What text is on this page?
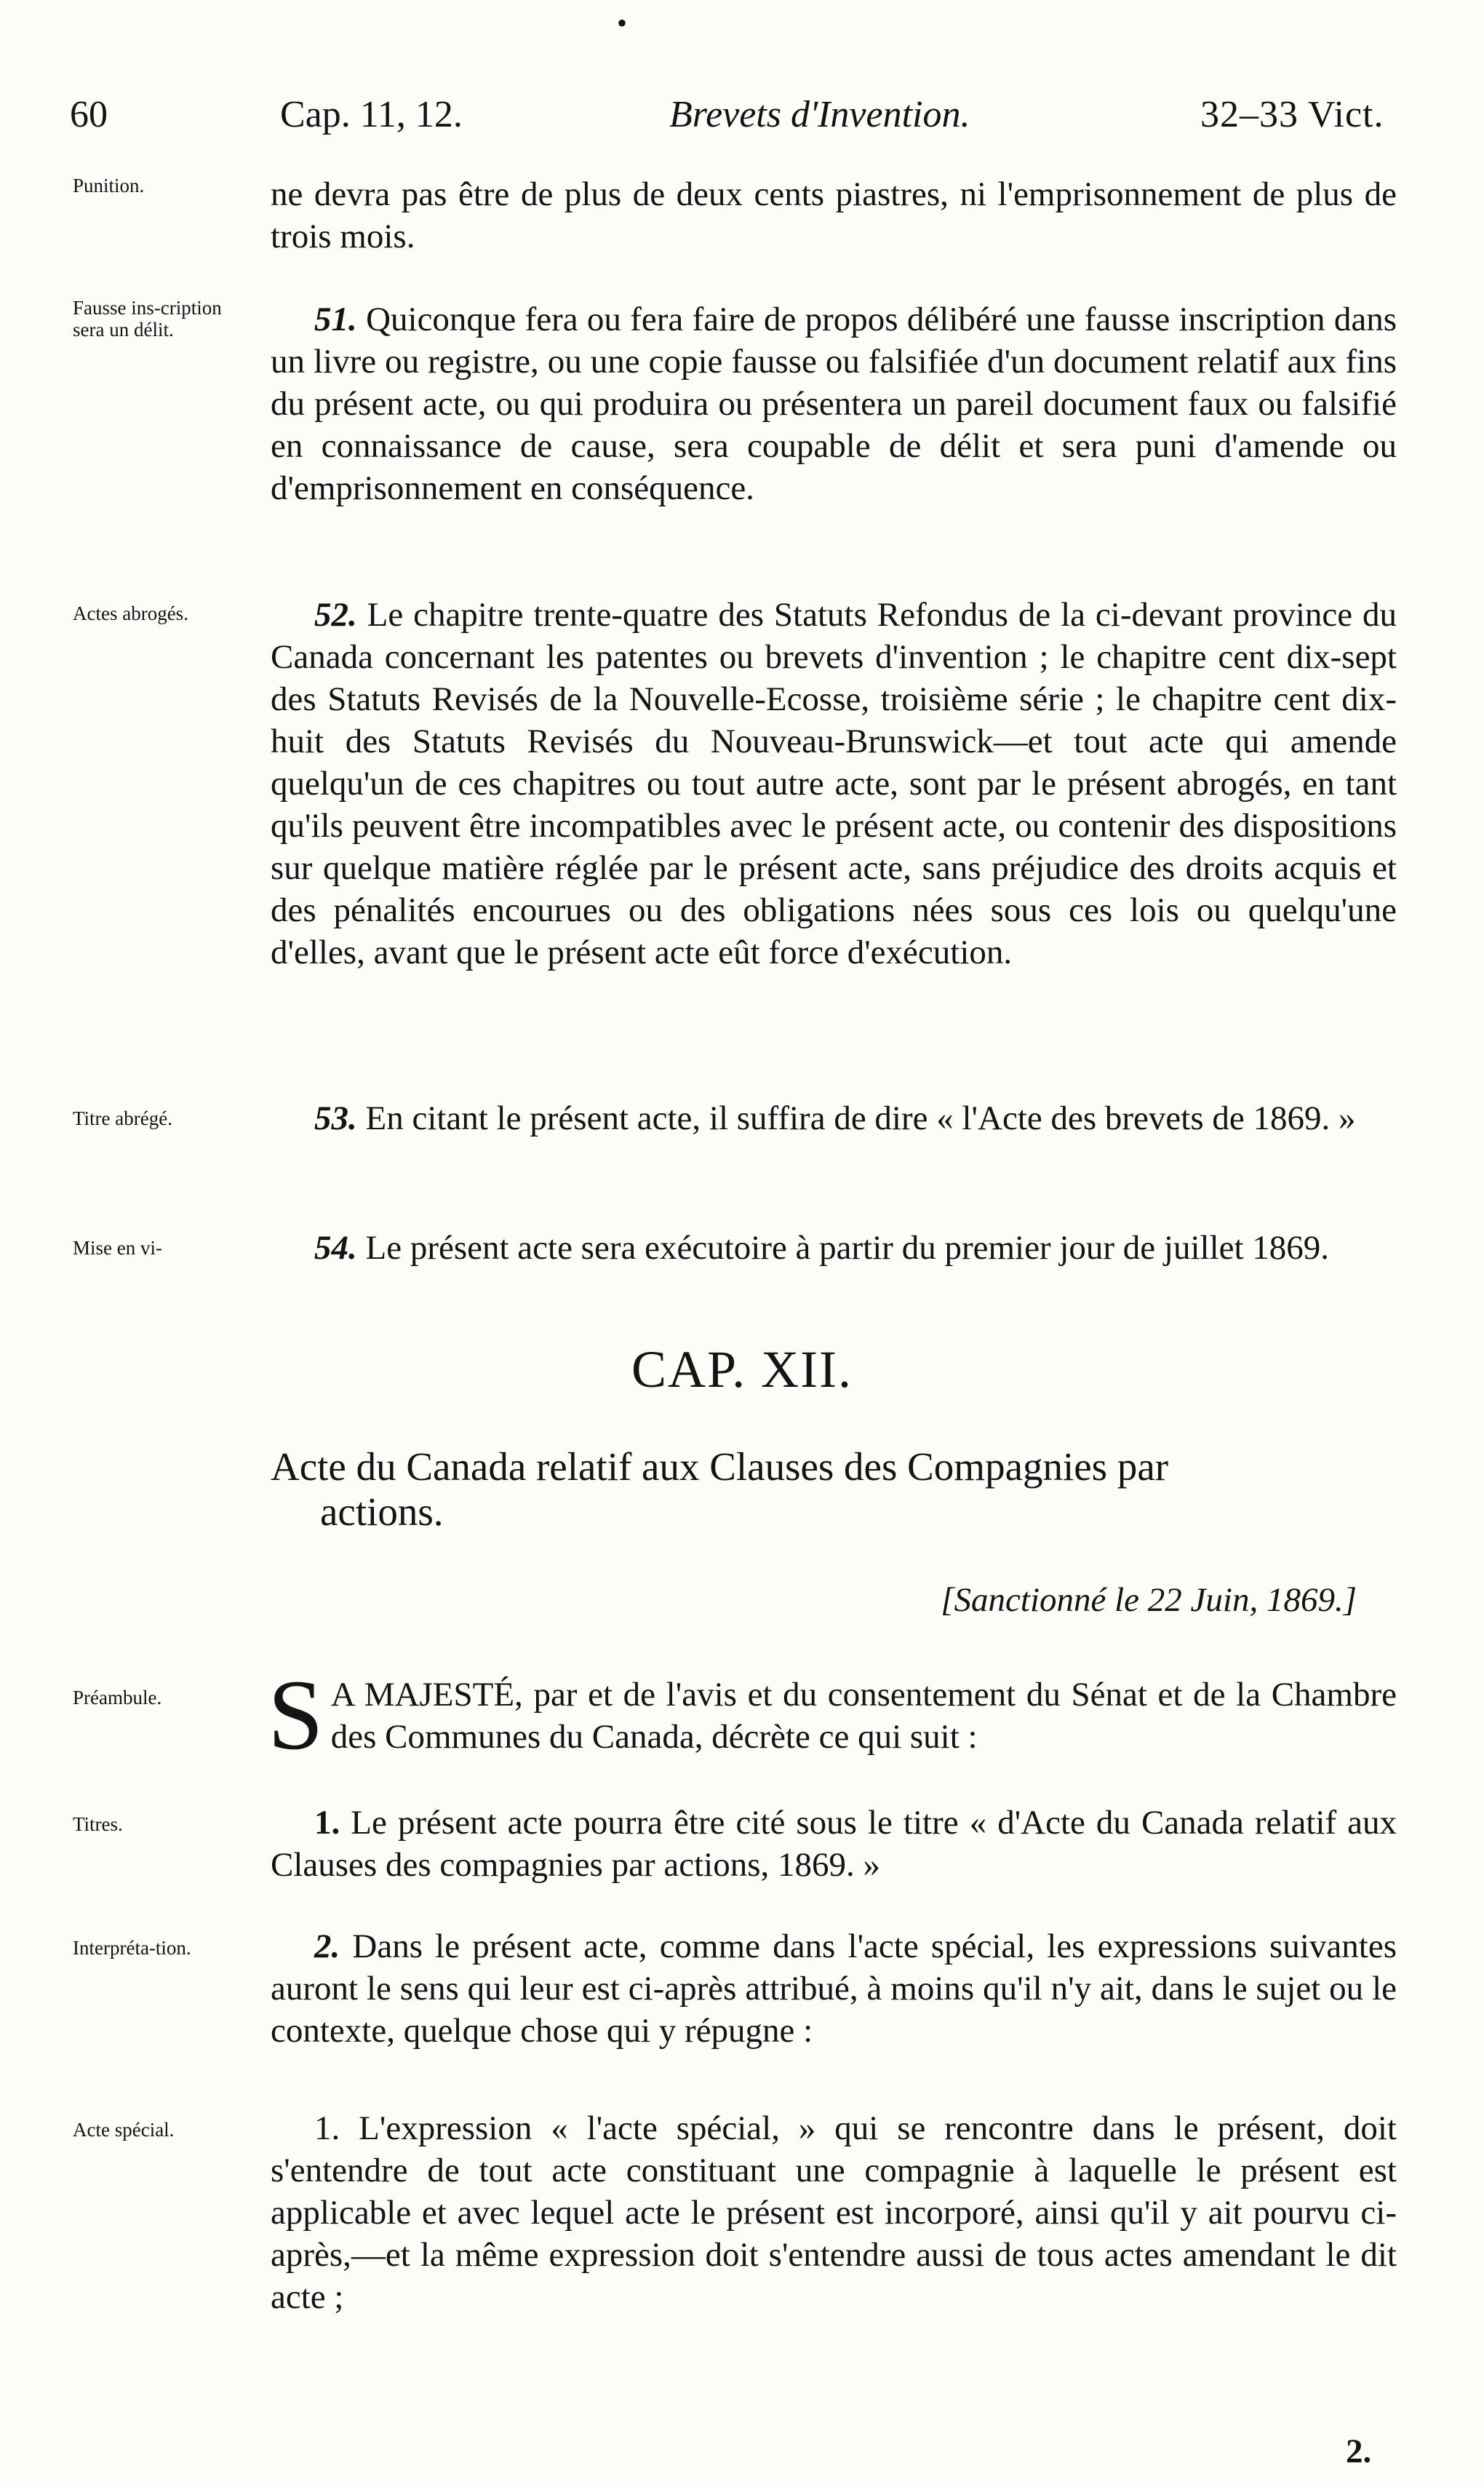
•
60	Cap. 11, 12.	Brevets d'Invention.	32–33 Vict.
Punition.	ne devra pas être de plus de deux cents piastres, ni l'emprisonnement de plus de trois mois.
Fausse ins-cription sera un délit.	51. Quiconque fera ou fera faire de propos délibéré une fausse inscription dans un livre ou registre, ou une copie fausse ou falsifiée d'un document relatif aux fins du présent acte, ou qui produira ou présentera un pareil document faux ou falsifié en connaissance de cause, sera coupable de délit et sera puni d'amende ou d'emprisonnement en conséquence.
Actes abrogés.	52. Le chapitre trente-quatre des Statuts Refondus de la ci-devant province du Canada concernant les patentes ou brevets d'invention ; le chapitre cent dix-sept des Statuts Revisés de la Nouvelle-Ecosse, troisième série ; le chapitre cent dix-huit des Statuts Revisés du Nouveau-Brunswick—et tout acte qui amende quelqu'un de ces chapitres ou tout autre acte, sont par le présent abrogés, en tant qu'ils peuvent être incompatibles avec le présent acte, ou contenir des dispositions sur quelque matière réglée par le présent acte, sans préjudice des droits acquis et des pénalités encourues ou des obligations nées sous ces lois ou quelqu'une d'elles, avant que le présent acte eût force d'exécution.
Titre abrégé.	53. En citant le présent acte, il suffira de dire « l'Acte des brevets de 1869. »
Mise en vi-	54. Le présent acte sera exécutoire à partir du premier jour de juillet 1869.
CAP. XII.
Acte du Canada relatif aux Clauses des Compagnies par
actions.
[Sanctionné le 22 Juin, 1869.]
Préambule.	S A MAJESTÉ, par et de l'avis et du consentement du Sénat et de la Chambre des Communes du Canada, décrète ce qui suit :
Titres.	1. Le présent acte pourra être cité sous le titre « d'Acte du Canada relatif aux Clauses des compagnies par actions, 1869. »
Interpréta-tion.	2. Dans le présent acte, comme dans l'acte spécial, les expressions suivantes auront le sens qui leur est ci-après attribué, à moins qu'il n'y ait, dans le sujet ou le contexte, quelque chose qui y répugne :
Acte spécial.	1. L'expression « l'acte spécial, » qui se rencontre dans le présent, doit s'entendre de tout acte constituant une compagnie à laquelle le présent est applicable et avec lequel acte le présent est incorporé, ainsi qu'il y ait pourvu ci-après,—et la même expression doit s'entendre aussi de tous actes amendant le dit acte ;
2.
